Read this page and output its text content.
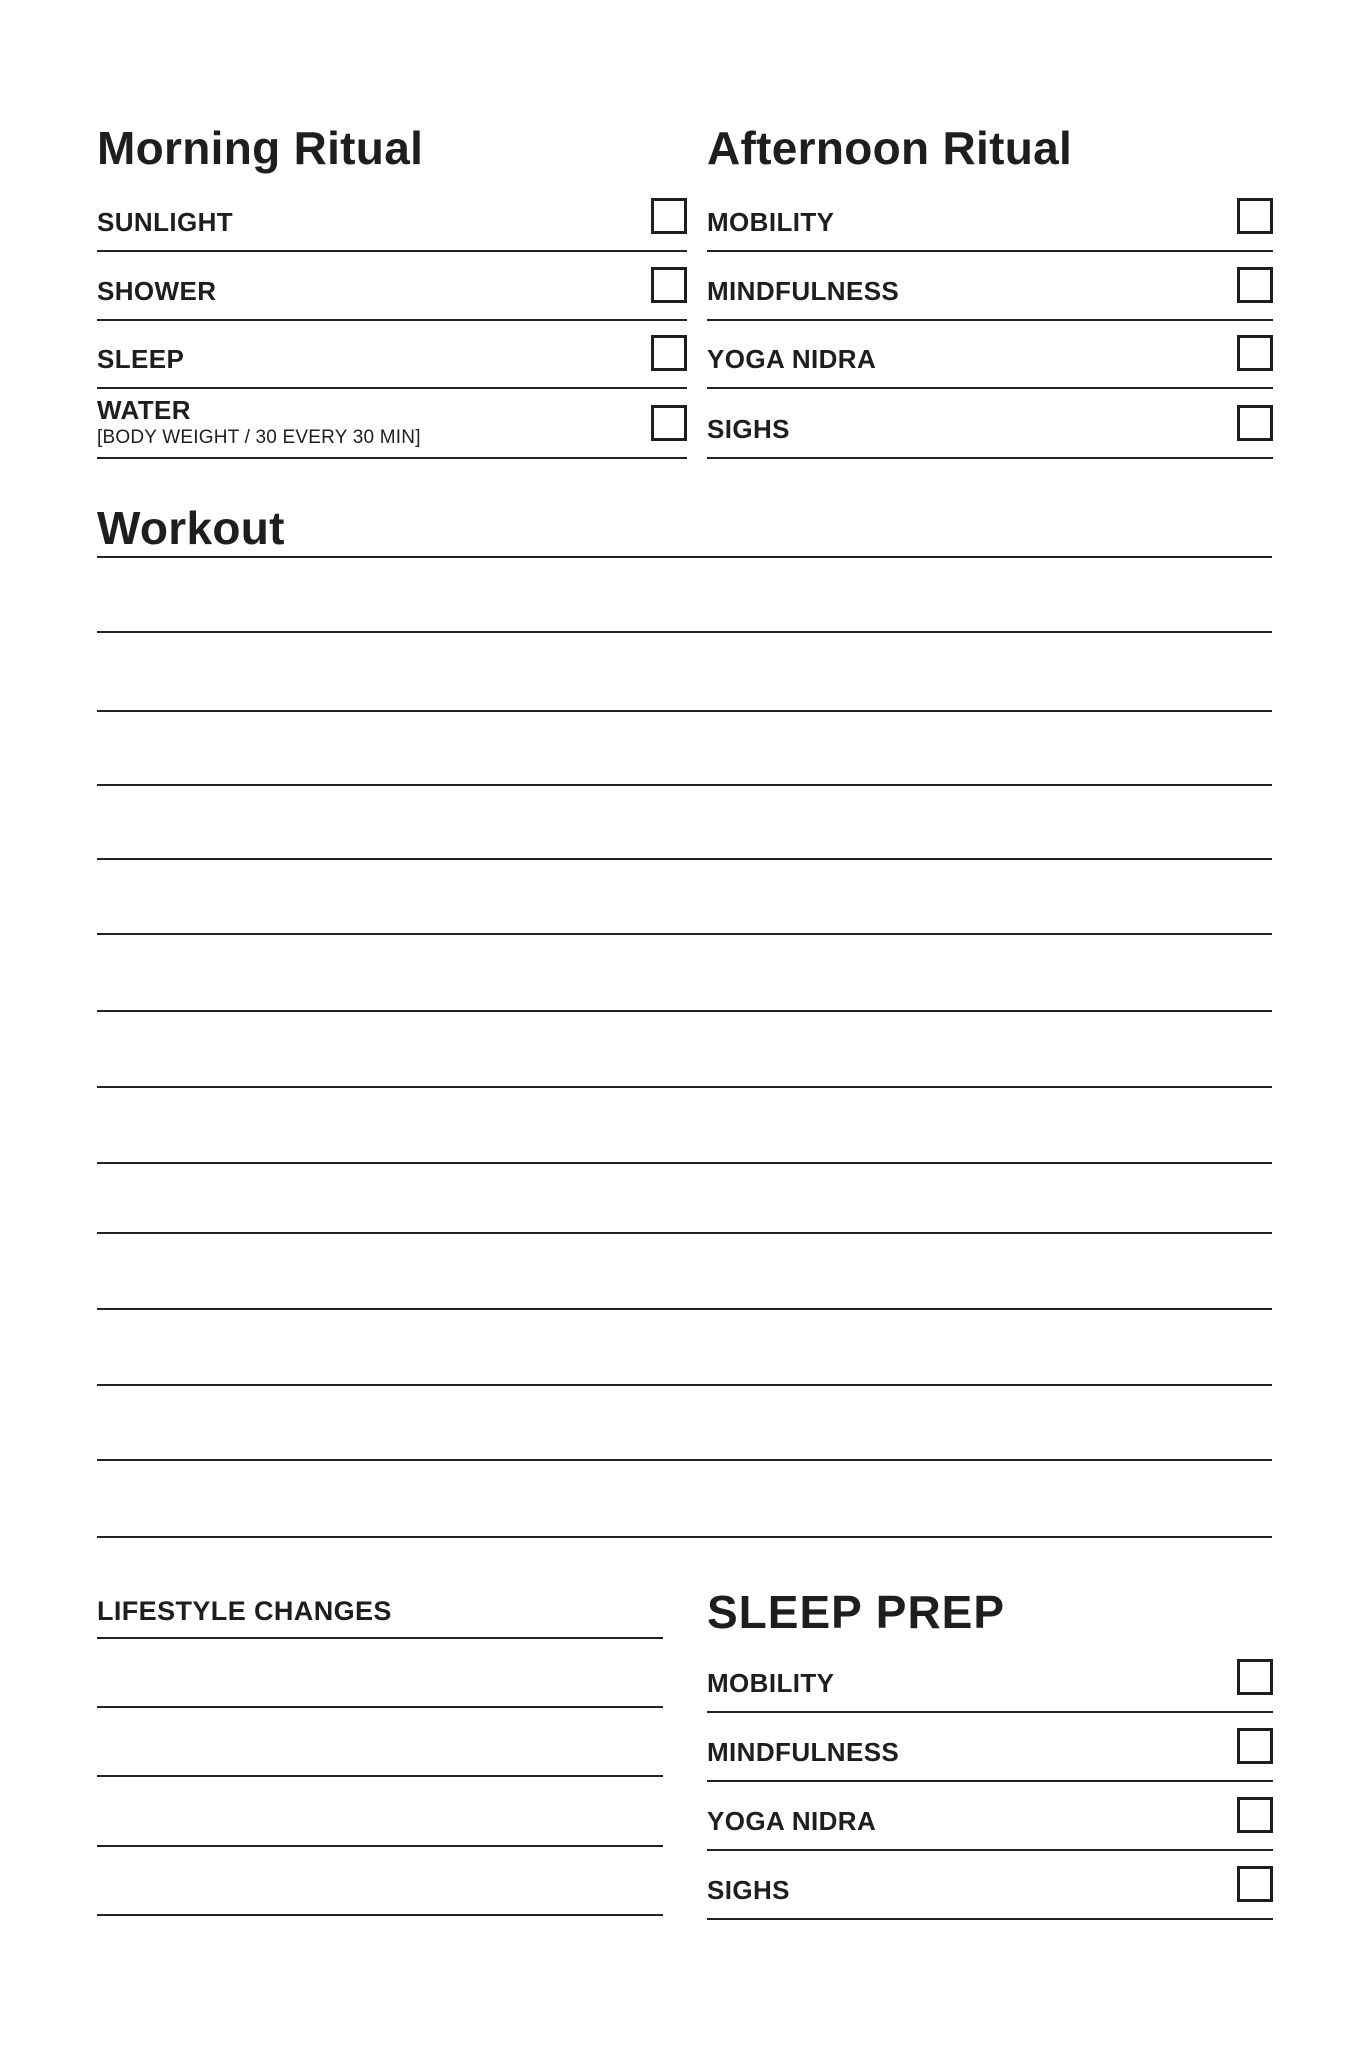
Morning Ritual
SUNLIGHT
SHOWER
SLEEP
WATER
[BODY WEIGHT / 30 EVERY 30 MIN]
Afternoon Ritual
MOBILITY
MINDFULNESS
YOGA NIDRA
SIGHS
Workout
LIFESTYLE CHANGES	SLEEP PREP
MOBILITY
MINDFULNESS
YOGA NIDRA
SIGHS
